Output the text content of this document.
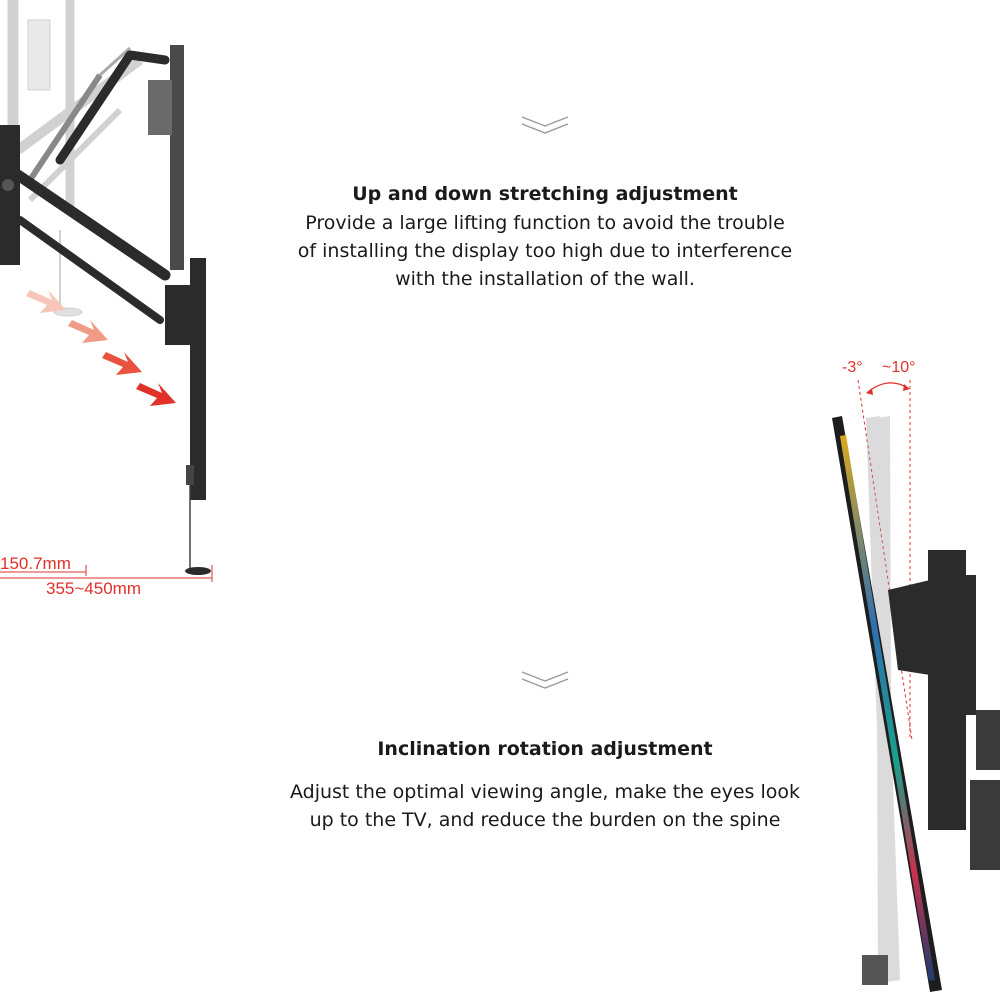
150.7mm
355~450mm
Up and down stretching adjustment
Provide a large lifting function to avoid the trouble
of installing the display too high due to interference
with the installation of the wall.
Inclination rotation adjustment
Adjust the optimal viewing angle, make the eyes look
up to the TV, and reduce the burden on the spine
-3° ~10°
